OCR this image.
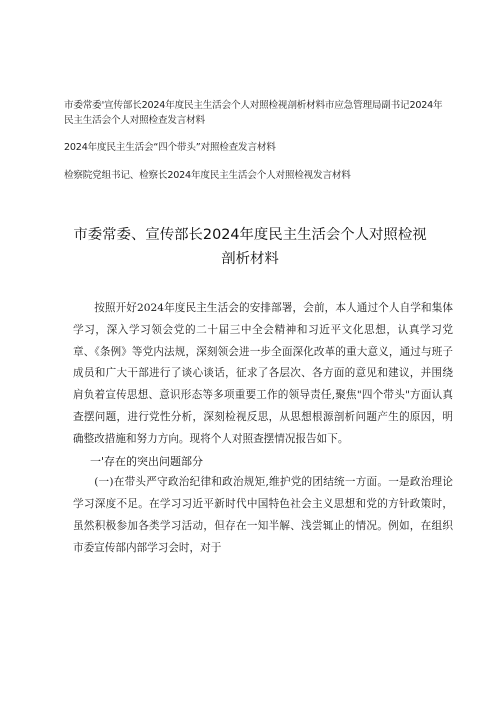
市委常委'宣传部长2024年度民主生活会个人对照检视剖析材料市应急管理局副书记2024年民主生活会个人对照检查发言材料
2024年度民主生活会“四个带头”对照检查发言材料
检察院党组书记、检察长2024年度民主生活会个人对照检视发言材料
市委常委、宣传部长2024年度民主生活会个人对照检视
剖析材料

按照开好2024年度民主生活会的安排部署，会前，本人通过个人自学和集体学习，深入学习领会党的二十届三中全会精神和习近平文化思想，认真学习党章、《条例》等党内法规，深刻领会进一步全面深化改革的重大意义，通过与班子成员和广大干部进行了谈心谈话，征求了各层次、各方面的意见和建议，并围绕肩负着宣传思想、意识形态等多项重要工作的领导责任,聚焦"四个带头"方面认真查摆问题，进行党性分析，深刻检视反思，从思想根源剖析问题产生的原因，明确整改措施和努力方向。现将个人对照查摆情况报告如下。

一'存在的突出问题部分

(一)在带头严守政治纪律和政治规矩,维护党的团结统一方面。一是政治理论学习深度不足。在学习习近平新时代中国特色社会主义思想和党的方针政策时，虽然积极参加各类学习活动，但存在一知半解、浅尝辄止的情况。例如，在组织市委宣传部内部学习会时，对于
